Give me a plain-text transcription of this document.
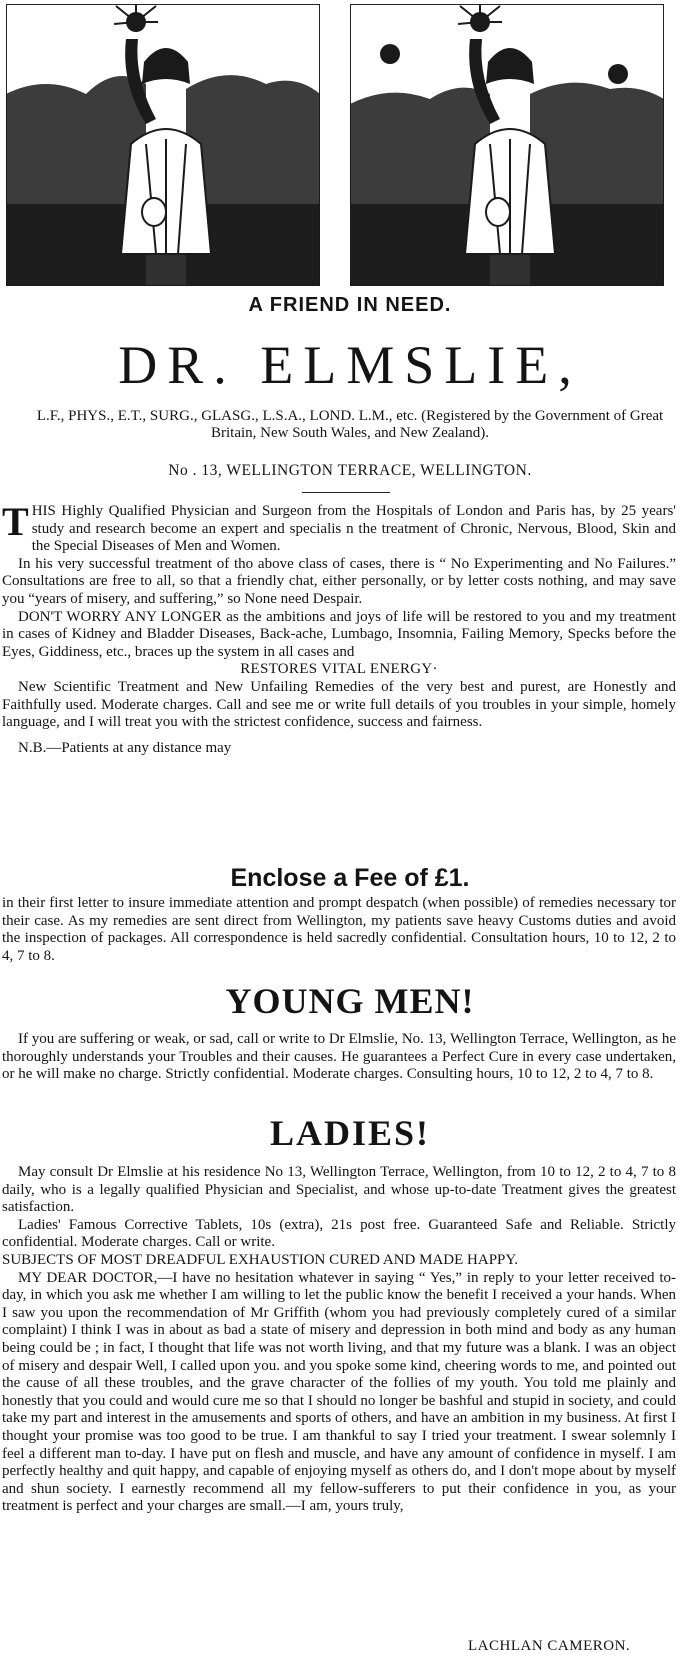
A FRIEND IN NEED.
DR. ELMSLIE,

L.F., PHYS., E.T., SURG., GLASG., L.S.A., LOND. L.M., etc. (Registered by the Government of Great Britain, New South Wales, and New Zealand).

No . 13, WELLINGTON TERRACE, WELLINGTON.

THIS Highly Qualified Physician and Surgeon from the Hospitals of London and Paris has, by 25 years' study and research become an expert and specialis n the treatment of Chronic, Nervous, Blood, Skin and the Special Diseases of Men and Women.

In his very successful treatment of tho above class of cases, there is “ No Experimenting and No Failures.” Consultations are free to all, so that a friendly chat, either personally, or by letter costs nothing, and may save you “years of misery, and suffering,” so None need Despair.

DON'T WORRY ANY LONGER as the ambitions and joys of life will be restored to you and my treatment in cases of Kidney and Bladder Diseases, Back-ache, Lumbago, Insomnia, Failing Memory, Specks before the Eyes, Giddiness, etc., braces up the system in all cases and

RESTORES VITAL ENERGY·

New Scientific Treatment and New Unfailing Remedies of the very best and purest, are Honestly and Faithfully used. Moderate charges. Call and see me or write full details of you troubles in your simple, homely language, and I will treat you with the strictest confidence, success and fairness.

N.B.—Patients at any distance may

Enclose a Fee of £1.

in their first letter to insure immediate attention and prompt despatch (when possible) of remedies necessary tor their case. As my remedies are sent direct from Wellington, my patients save heavy Customs duties and avoid the inspection of packages. All correspondence is held sacredly confidential. Consultation hours, 10 to 12, 2 to 4, 7 to 8.

YOUNG MEN!

If you are suffering or weak, or sad, call or write to Dr Elmslie, No. 13, Wellington Terrace, Wellington, as he thoroughly understands your Troubles and their causes. He guarantees a Perfect Cure in every case undertaken, or he will make no charge. Strictly confidential. Moderate charges. Consulting hours, 10 to 12, 2 to 4, 7 to 8.

LADIES!

May consult Dr Elmslie at his residence No 13, Wellington Terrace, Wellington, from 10 to 12, 2 to 4, 7 to 8 daily, who is a legally qualified Physician and Specialist, and whose up-to-date Treatment gives the greatest satisfaction.

Ladies' Famous Corrective Tablets, 10s (extra), 21s post free. Guaranteed Safe and Reliable. Strictly confidential. Moderate charges. Call or write.

SUBJECTS OF MOST DREADFUL EXHAUSTION CURED AND MADE HAPPY.

MY DEAR DOCTOR,—I have no hesitation whatever in saying “ Yes,” in reply to your letter received to-day, in which you ask me whether I am willing to let the public know the benefit I received a your hands. When I saw you upon the recommendation of Mr Griffith (whom you had previously completely cured of a similar complaint) I think I was in about as bad a state of misery and depression in both mind and body as any human being could be ; in fact, I thought that life was not worth living, and that my future was a blank. I was an object of misery and despair Well, I called upon you. and you spoke some kind, cheering words to me, and pointed out the cause of all these troubles, and the grave character of the follies of my youth. You told me plainly and honestly that you could and would cure me so that I should no longer be bashful and stupid in society, and could take my part and interest in the amusements and sports of others, and have an ambition in my business. At first I thought your promise was too good to be true. I am thankful to say I tried your treatment. I swear solemnly I feel a different man to-day. I have put on flesh and muscle, and have any amount of confidence in myself. I am perfectly healthy and quit happy, and capable of enjoying myself as others do, and I don't mope about by myself and shun society. I earnestly recommend all my fellow-sufferers to put their confidence in you, as your treatment is perfect and your charges are small.—I am, yours truly,

LACHLAN CAMERON.
